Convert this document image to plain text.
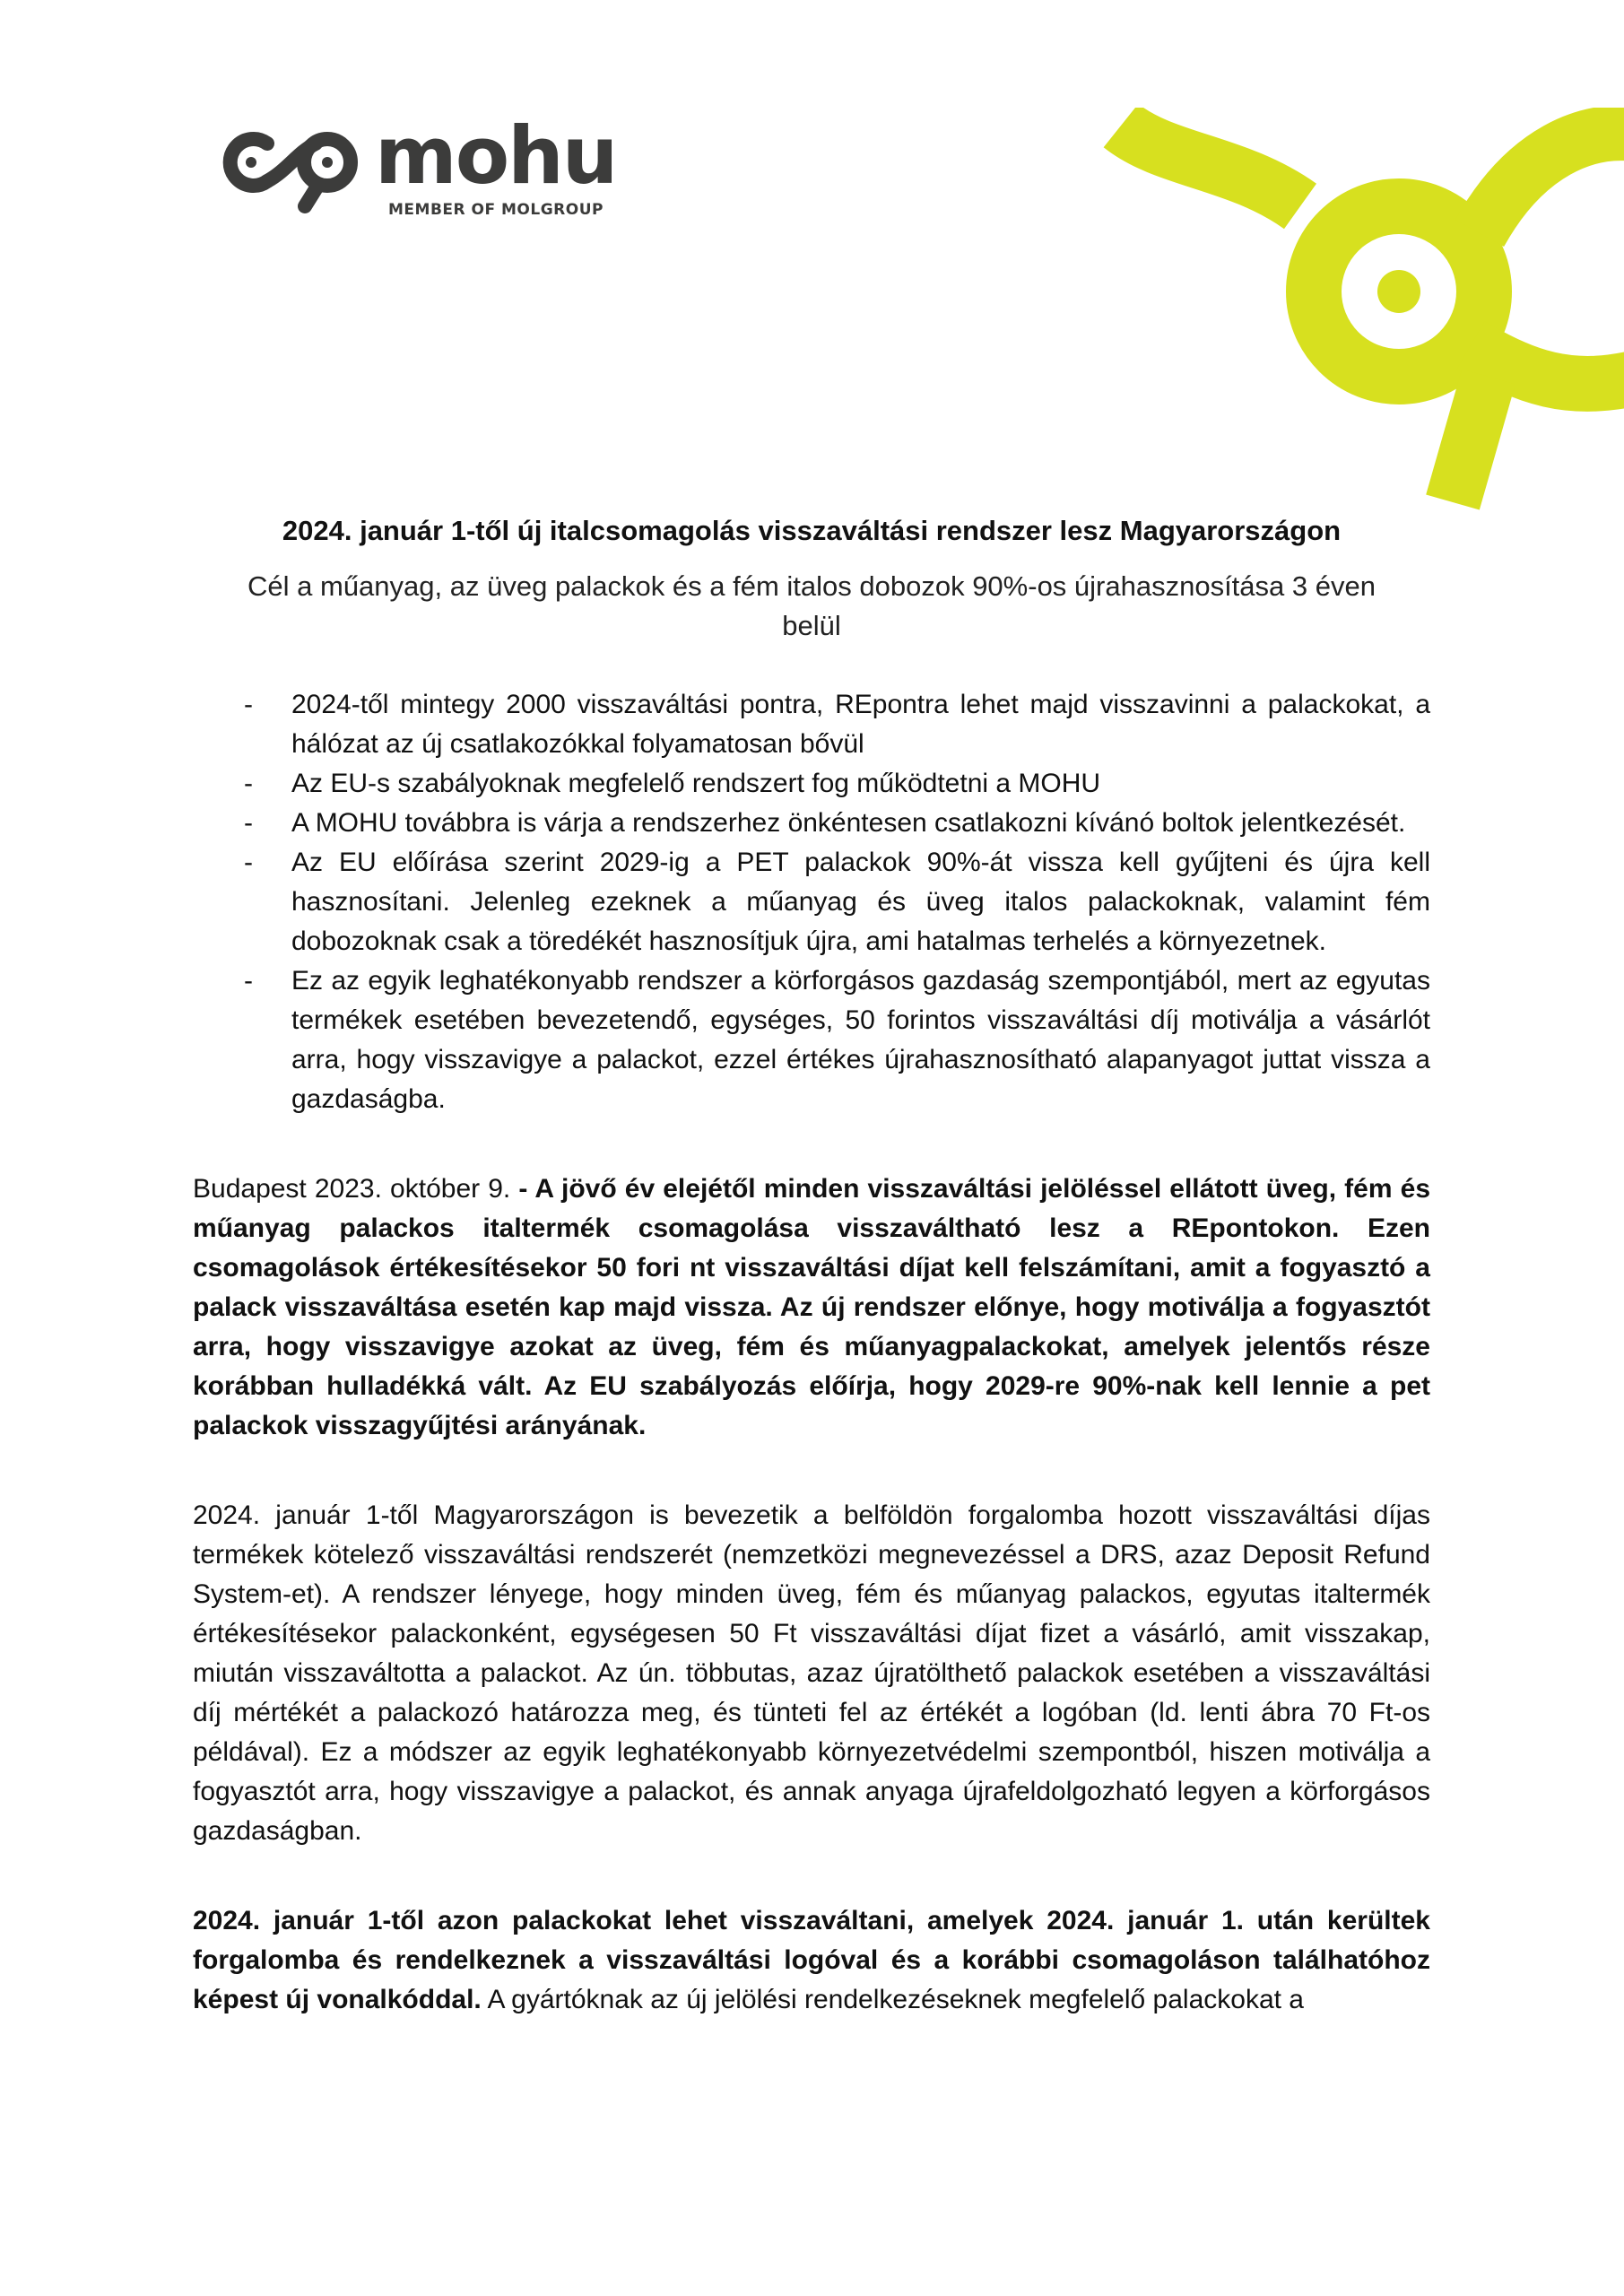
mohu
MEMBER OF MOLGROUP
2024. január 1-től új italcsomagolás visszaváltási rendszer lesz Magyarországon

Cél a műanyag, az üveg palackok és a fém italos dobozok 90%-os újrahasznosítása 3 éven belül

- 2024-től mintegy 2000 visszaváltási pontra, REpontra lehet majd visszavinni a palackokat, a hálózat az új csatlakozókkal folyamatosan bővül
- Az EU-s szabályoknak megfelelő rendszert fog működtetni a MOHU
- A MOHU továbbra is várja a rendszerhez önkéntesen csatlakozni kívánó boltok jelentkezését.
- Az EU előírása szerint 2029-ig a PET palackok 90%-át vissza kell gyűjteni és újra kell hasznosítani. Jelenleg ezeknek a műanyag és üveg italos palackoknak, valamint fém dobozoknak csak a töredékét hasznosítjuk újra, ami hatalmas terhelés a környezetnek.
- Ez az egyik leghatékonyabb rendszer a körforgásos gazdaság szempontjából, mert az egyutas termékek esetében bevezetendő, egységes, 50 forintos visszaváltási díj motiválja a vásárlót arra, hogy visszavigye a palackot, ezzel értékes újrahasznosítható alapanyagot juttat vissza a gazdaságba.

Budapest 2023. október 9. - A jövő év elejétől minden visszaváltási jelöléssel ellátott üveg, fém és műanyag palackos italtermék csomagolása visszaváltható lesz a REpontokon. Ezen csomagolások értékesítésekor 50 fori nt visszaváltási díjat kell felszámítani, amit a fogyasztó a palack visszaváltása esetén kap majd vissza. Az új rendszer előnye, hogy motiválja a fogyasztót arra, hogy visszavigye azokat az üveg, fém és műanyagpalackokat, amelyek jelentős része korábban hulladékká vált. Az EU szabályozás előírja, hogy 2029-re 90%-nak kell lennie a pet palackok visszagyűjtési arányának.

2024. január 1-től Magyarországon is bevezetik a belföldön forgalomba hozott visszaváltási díjas termékek kötelező visszaváltási rendszerét (nemzetközi megnevezéssel a DRS, azaz Deposit Refund System-et). A rendszer lényege, hogy minden üveg, fém és műanyag palackos, egyutas italtermék értékesítésekor palackonként, egységesen 50 Ft visszaváltási díjat fizet a vásárló, amit visszakap, miután visszaváltotta a palackot. Az ún. többutas, azaz újratölthető palackok esetében a visszaváltási díj mértékét a palackozó határozza meg, és tünteti fel az értékét a logóban (ld. lenti ábra 70 Ft-os példával). Ez a módszer az egyik leghatékonyabb környezetvédelmi szempontból, hiszen motiválja a fogyasztót arra, hogy visszavigye a palackot, és annak anyaga újrafeldolgozható legyen a körforgásos gazdaságban.

2024. január 1-től azon palackokat lehet visszaváltani, amelyek 2024. január 1. után kerültek forgalomba és rendelkeznek a visszaváltási logóval és a korábbi csomagoláson találhatóhoz képest új vonalkóddal. A gyártóknak az új jelölési rendelkezéseknek megfelelő palackokat a
